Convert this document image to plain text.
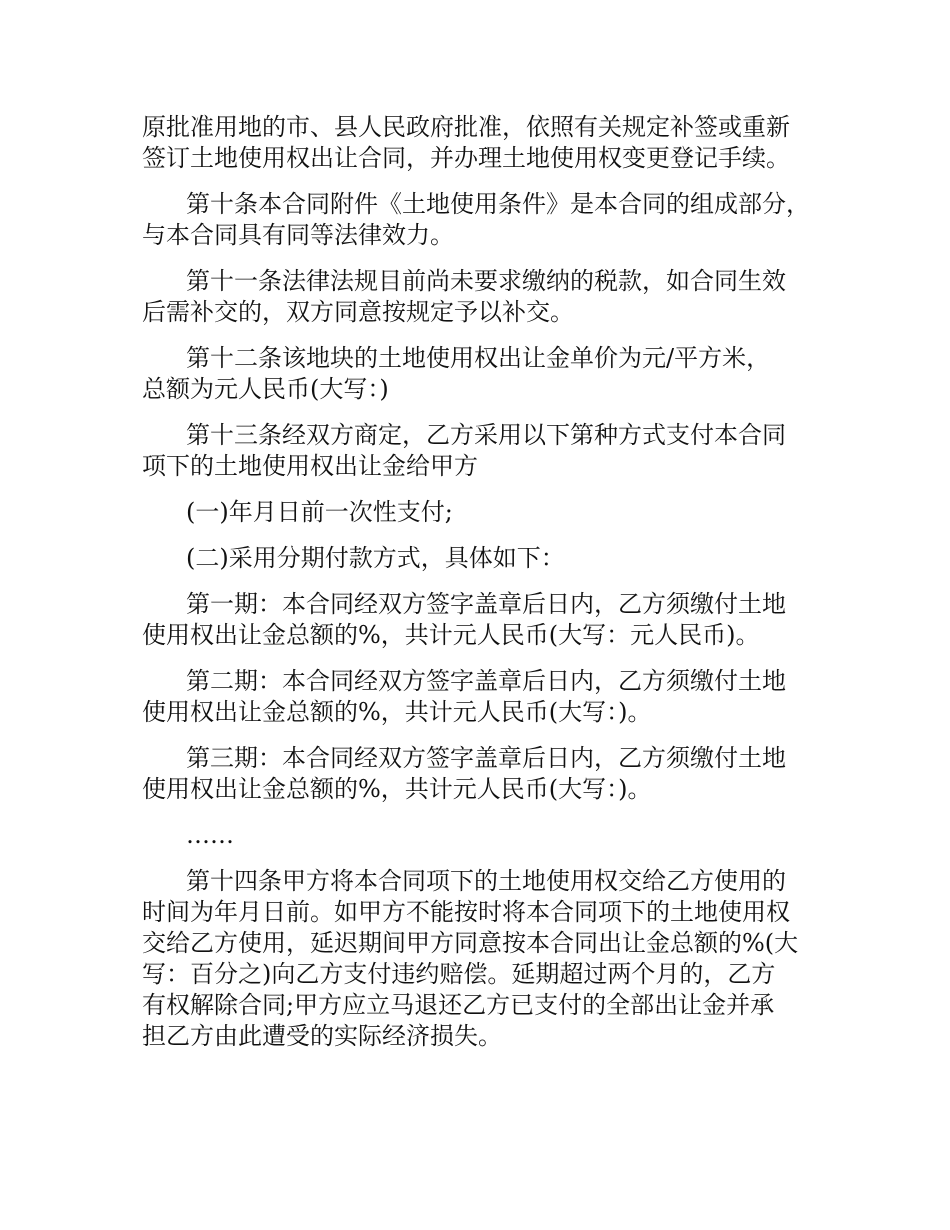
原批准用地的市、县人民政府批准，依照有关规定补签或重新
签订土地使用权出让合同，并办理土地使用权变更登记手续。

第十条本合同附件《土地使用条件》是本合同的组成部分，
与本合同具有同等法律效力。

第十一条法律法规目前尚未要求缴纳的税款，如合同生效
后需补交的，双方同意按规定予以补交。

第十二条该地块的土地使用权出让金单价为元/平方米，
总额为元人民币(大写：)

第十三条经双方商定，乙方采用以下第种方式支付本合同
项下的土地使用权出让金给甲方

(一)年月日前一次性支付;

(二)采用分期付款方式，具体如下：

第一期：本合同经双方签字盖章后日内，乙方须缴付土地
使用权出让金总额的%，共计元人民币(大写：元人民币)。

第二期：本合同经双方签字盖章后日内，乙方须缴付土地
使用权出让金总额的%，共计元人民币(大写：)。

第三期：本合同经双方签字盖章后日内，乙方须缴付土地
使用权出让金总额的%，共计元人民币(大写：)。

……

第十四条甲方将本合同项下的土地使用权交给乙方使用的
时间为年月日前。如甲方不能按时将本合同项下的土地使用权
交给乙方使用，延迟期间甲方同意按本合同出让金总额的%(大
写：百分之)向乙方支付违约赔偿。延期超过两个月的，乙方
有权解除合同;甲方应立马退还乙方已支付的全部出让金并承
担乙方由此遭受的实际经济损失。
